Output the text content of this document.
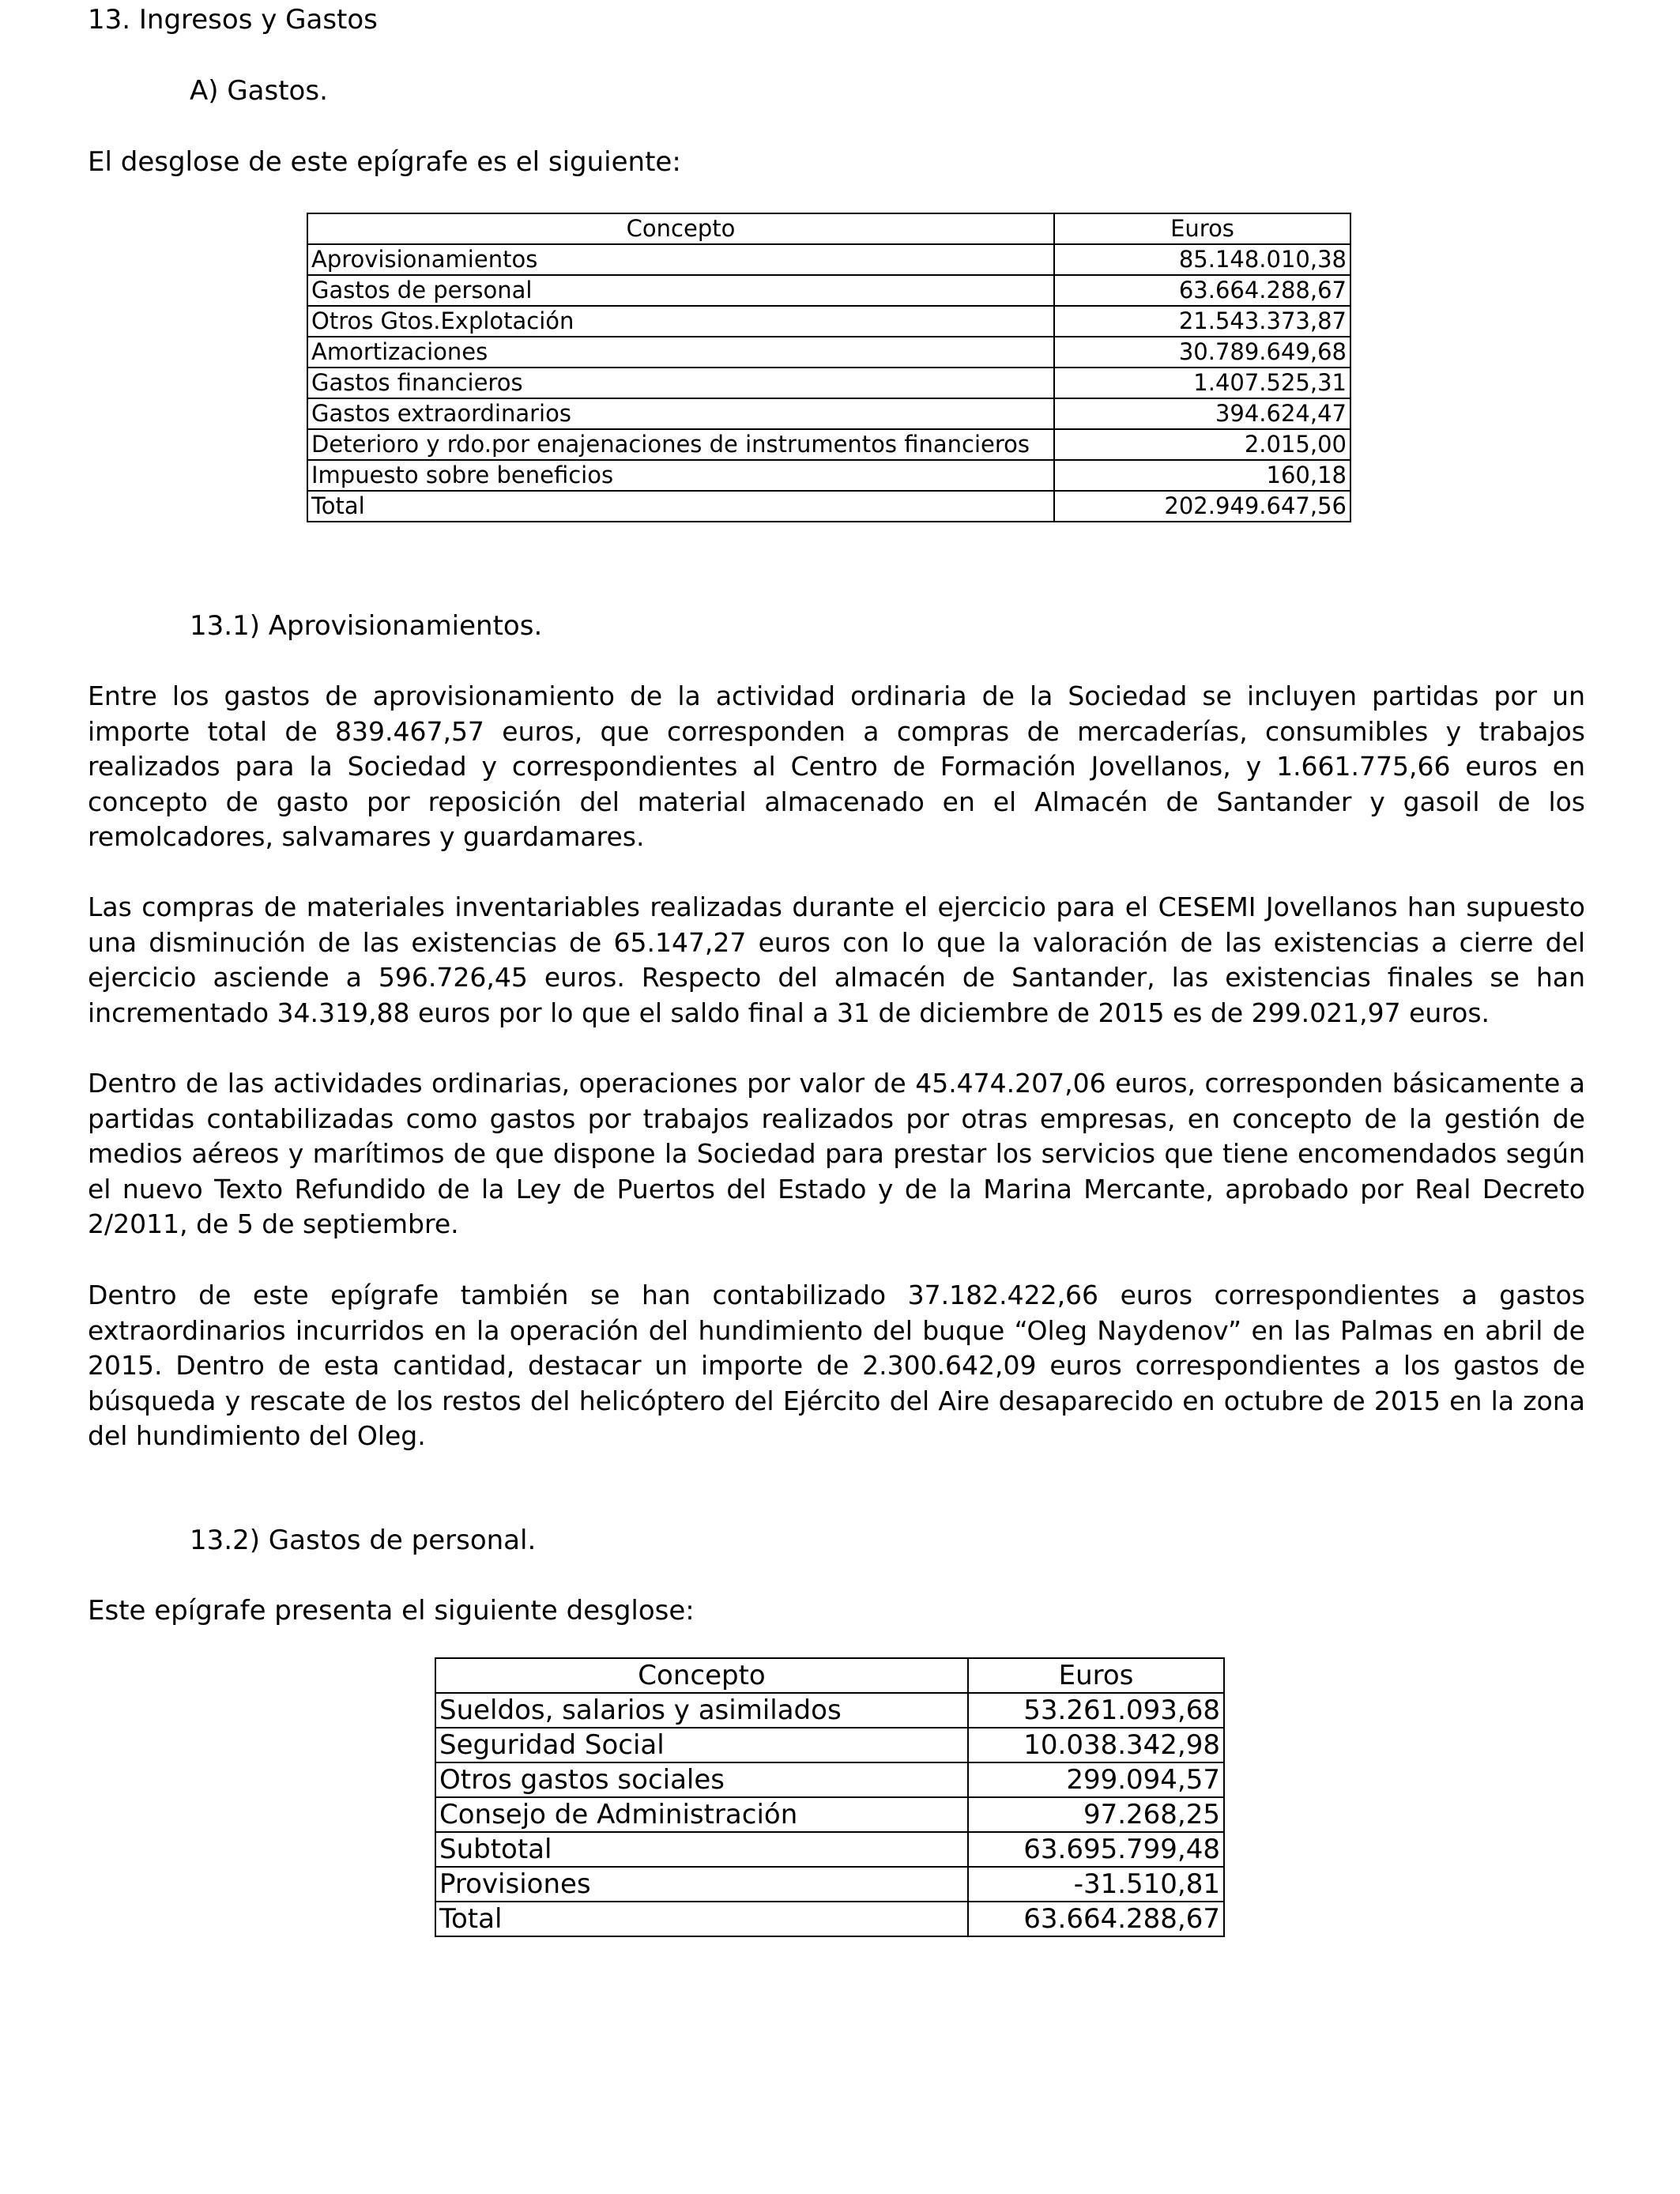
13. Ingresos y Gastos
A) Gastos.
El desglose de este epígrafe es el siguiente:
Concepto	Euros
Aprovisionamientos	85.148.010,38
Gastos de personal	63.664.288,67
Otros Gtos.Explotación	21.543.373,87
Amortizaciones	30.789.649,68
Gastos financieros	1.407.525,31
Gastos extraordinarios	394.624,47
Deterioro y rdo.por enajenaciones de instrumentos financieros	2.015,00
Impuesto sobre beneficios	160,18
Total	202.949.647,56
13.1) Aprovisionamientos.
Entre los gastos de aprovisionamiento de la actividad ordinaria de la Sociedad se incluyen partidas por un importe total de 839.467,57 euros, que corresponden a compras de mercaderías, consumibles y trabajos realizados para la Sociedad y correspondientes al Centro de Formación Jovellanos, y 1.661.775,66 euros en concepto de gasto por reposición del material almacenado en el Almacén de Santander y gasoil de los remolcadores, salvamares y guardamares.
Las compras de materiales inventariables realizadas durante el ejercicio para el CESEMI Jovellanos han supuesto una disminución de las existencias de 65.147,27 euros con lo que la valoración de las existencias a cierre del ejercicio asciende a 596.726,45 euros. Respecto del almacén de Santander, las existencias finales se han incrementado 34.319,88 euros por lo que el saldo final a 31 de diciembre de 2015 es de 299.021,97 euros.
Dentro de las actividades ordinarias, operaciones por valor de 45.474.207,06 euros, corresponden básicamente a partidas contabilizadas como gastos por trabajos realizados por otras empresas, en concepto de la gestión de medios aéreos y marítimos de que dispone la Sociedad para prestar los servicios que tiene encomendados según el nuevo Texto Refundido de la Ley de Puertos del Estado y de la Marina Mercante, aprobado por Real Decreto 2/2011, de 5 de septiembre.
Dentro de este epígrafe también se han contabilizado 37.182.422,66 euros correspondientes a gastos extraordinarios incurridos en la operación del hundimiento del buque “Oleg Naydenov” en las Palmas en abril de 2015. Dentro de esta cantidad, destacar un importe de 2.300.642,09 euros correspondientes a los gastos de búsqueda y rescate de los restos del helicóptero del Ejército del Aire desaparecido en octubre de 2015 en la zona del hundimiento del Oleg.
13.2) Gastos de personal.
Este epígrafe presenta el siguiente desglose:
Concepto	Euros
Sueldos, salarios y asimilados	53.261.093,68
Seguridad Social	10.038.342,98
Otros gastos sociales	299.094,57
Consejo de Administración	97.268,25
Subtotal	63.695.799,48
Provisiones	-31.510,81
Total	63.664.288,67
